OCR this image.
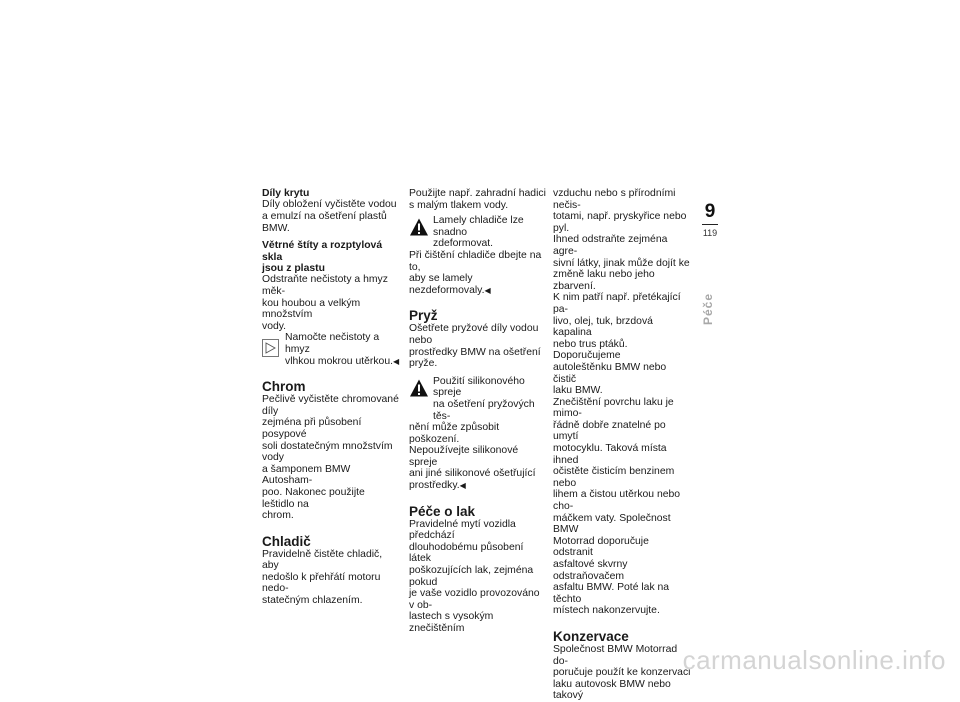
Díly krytu

Díly obložení vyčistěte vodou
a emulzí na ošetření plastů BMW.

Větrné štíty a rozptylová skla
jsou z plastu

Odstraňte nečistoty a hmyz měk-
kou houbou a velkým množstvím
vody.

Namočte nečistoty a hmyz
vlhkou mokrou utěrkou.◀
Chrom

Pečlivě vyčistěte chromované díly
zejména při působení posypové
soli dostatečným množstvím vody
a šamponem BMW Autosham-
poo. Nakonec použijte leštidlo na
chrom.

Chladič

Pravidelně čistěte chladič, aby
nedošlo k přehřátí motoru nedo-
statečným chlazením.

Použijte např. zahradní hadici
s malým tlakem vody.

Lamely chladiče lze snadno
zdeformovat.

Při čištění chladiče dbejte na to,
aby se lamely nezdeformovaly.◀

Pryž

Ošetřete pryžové díly vodou nebo
prostředky BMW na ošetření
pryže.

Použití silikonového spreje
na ošetření pryžových těs-

nění může způsobit poškození.
Nepoužívejte silikonové spreje
ani jiné silikonové ošetřující
prostředky.◀

Péče o lak

Pravidelné mytí vozidla předchází
dlouhodobému působení látek
poškozujících lak, zejména pokud
je vaše vozidlo provozováno v ob-
lastech s vysokým znečištěním

vzduchu nebo s přírodními nečis-
totami, např. pryskyřice nebo pyl.
Ihned odstraňte zejména agre-
sivní látky, jinak může dojít ke
změně laku nebo jeho zbarvení.
K nim patří např. přetékající pa-
livo, olej, tuk, brzdová kapalina
nebo trus ptáků. Doporučujeme
autoleštěnku BMW nebo čistič
laku BMW.
Znečištění povrchu laku je mimo-
řádně dobře znatelné po umytí
motocyklu. Taková místa ihned
očistěte čisticím benzinem nebo
lihem a čistou utěrkou nebo cho-
máčkem vaty. Společnost BMW
Motorrad doporučuje odstranit
asfaltové skvrny odstraňovačem
asfaltu BMW. Poté lak na těchto
místech nakonzervujte.

Konzervace

Společnost BMW Motorrad do-
poručuje použít ke konzervaci
laku autovosk BMW nebo takový

9
119
Péče
carmanualsonline.info
